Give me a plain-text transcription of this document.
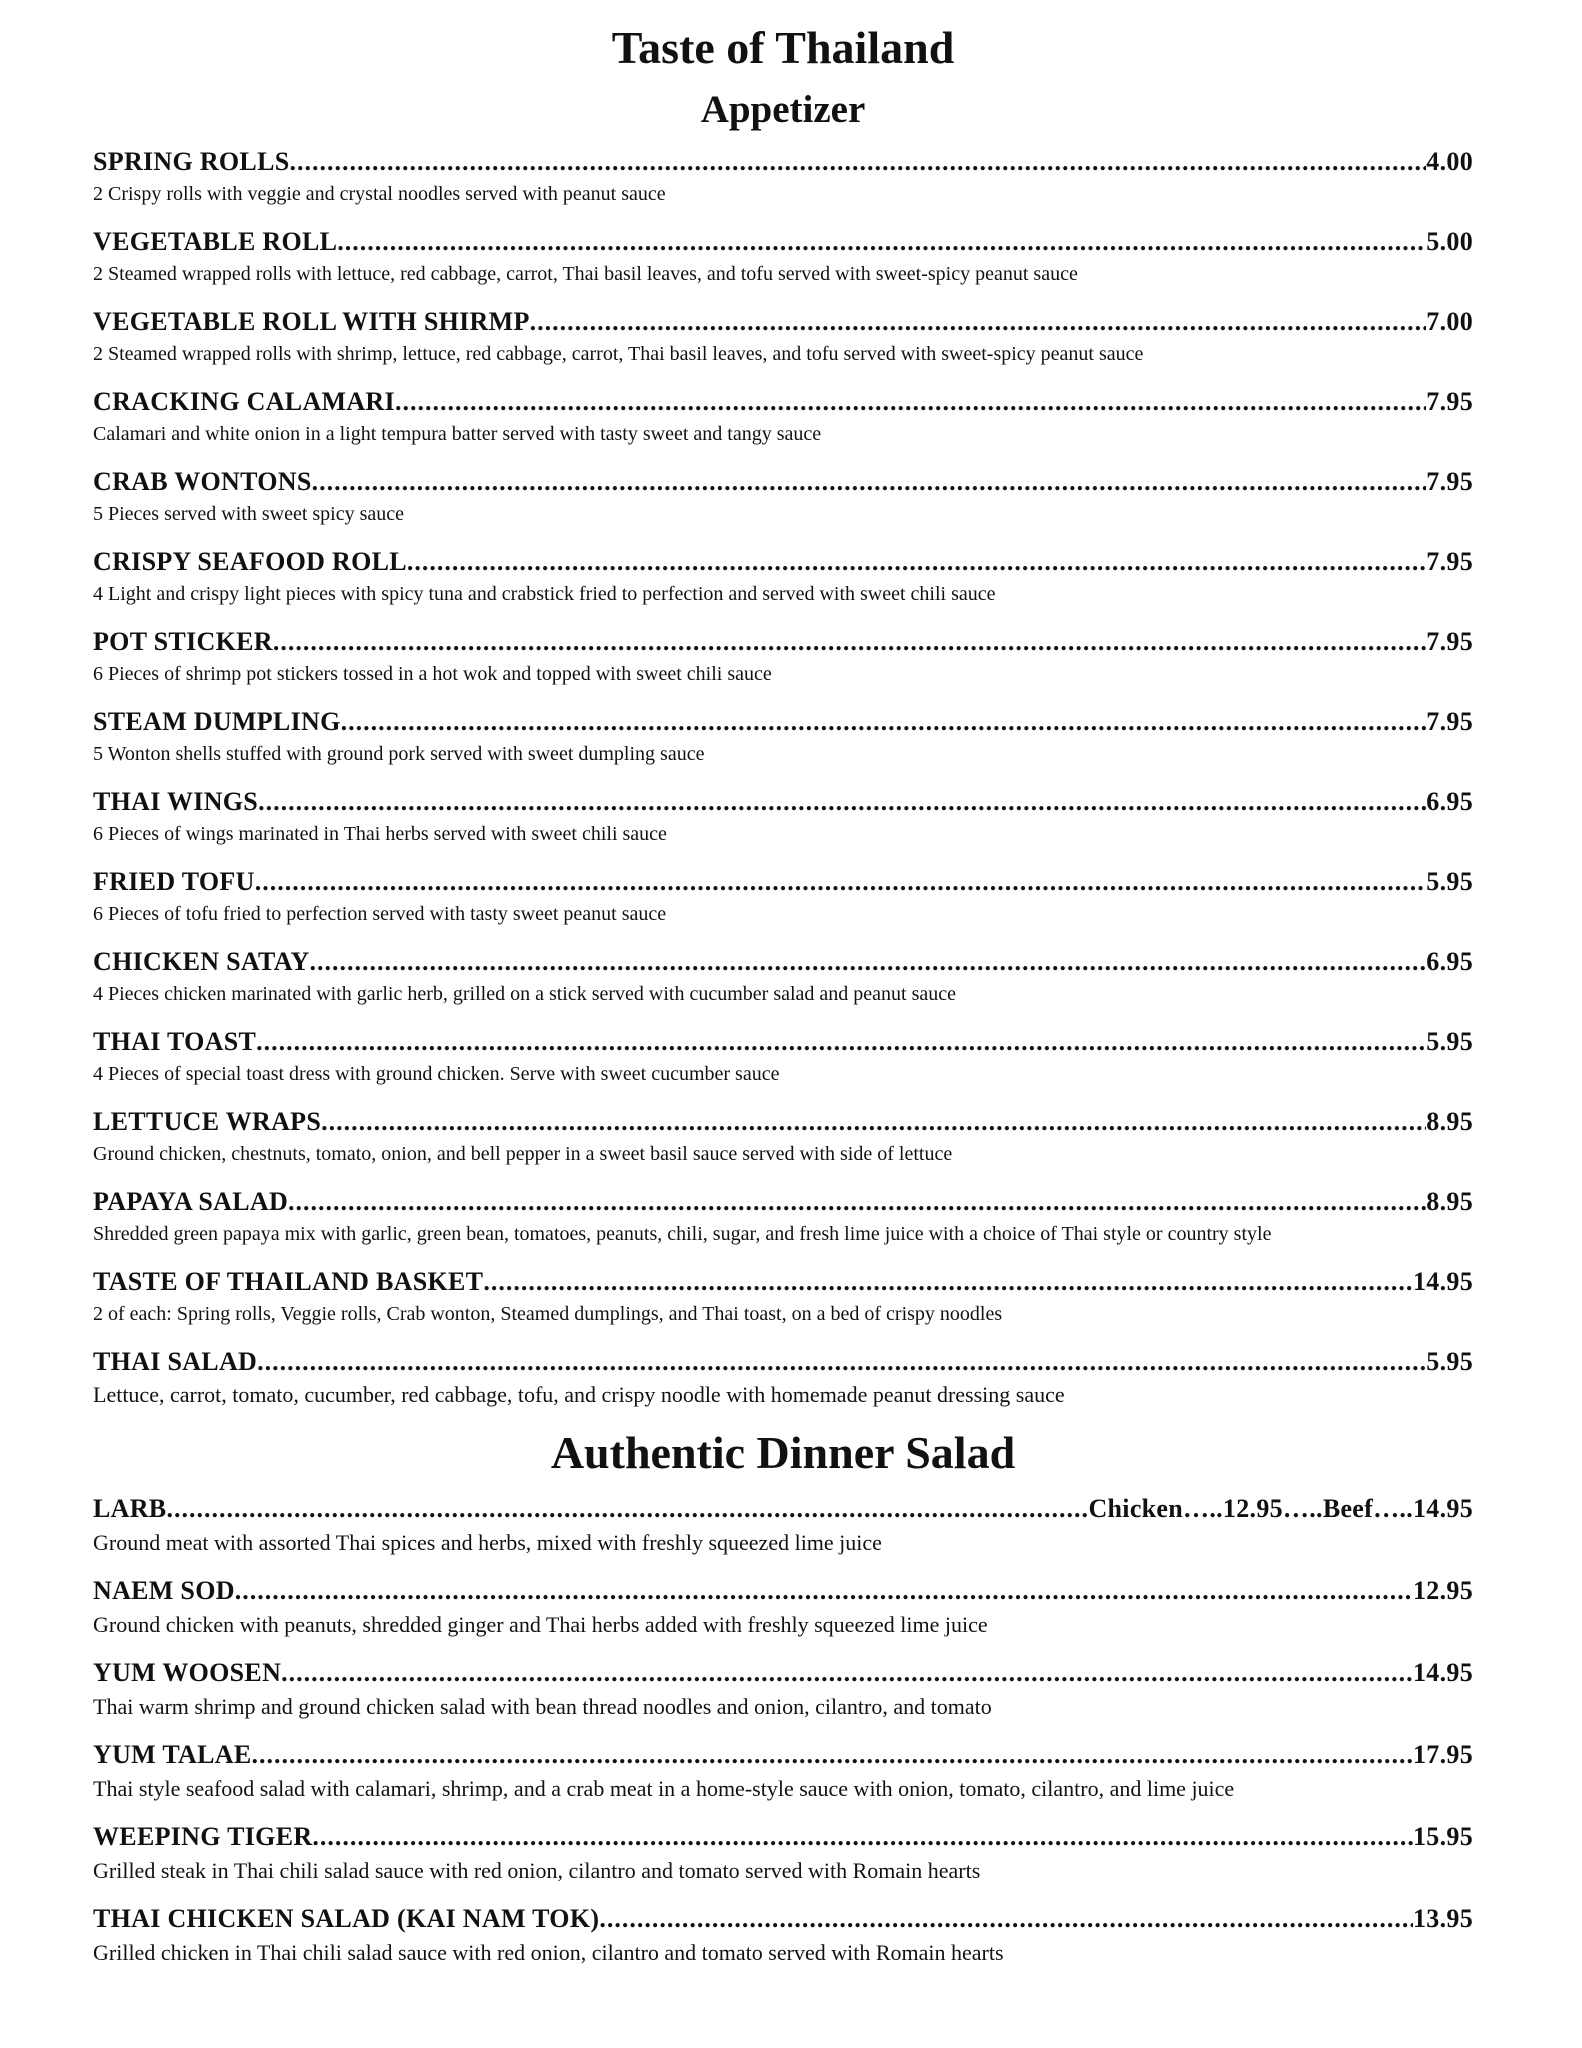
Taste of Thailand
Appetizer
SPRING ROLLS .....	4.00
2 Crispy rolls with veggie and crystal noodles served with peanut sauce
VEGETABLE ROLL .....	5.00
2 Steamed wrapped rolls with lettuce, red cabbage, carrot, Thai basil leaves, and tofu served with sweet-spicy peanut sauce
VEGETABLE ROLL WITH SHIRMP .....	7.00
2 Steamed wrapped rolls with shrimp, lettuce, red cabbage, carrot, Thai basil leaves, and tofu served with sweet-spicy peanut sauce
CRACKING CALAMARI .....	7.95
Calamari and white onion in a light tempura batter served with tasty sweet and tangy sauce
CRAB WONTONS .....	7.95
5 Pieces served with sweet spicy sauce
CRISPY SEAFOOD ROLL .....	7.95
4 Light and crispy light pieces with spicy tuna and crabstick fried to perfection and served with sweet chili sauce
POT STICKER .....	7.95
6 Pieces of shrimp pot stickers tossed in a hot wok and topped with sweet chili sauce
STEAM DUMPLING .....	7.95
5 Wonton shells stuffed with ground pork served with sweet dumpling sauce
THAI WINGS .....	6.95
6 Pieces of wings marinated in Thai herbs served with sweet chili sauce
FRIED TOFU .....	5.95
6 Pieces of tofu fried to perfection served with tasty sweet peanut sauce
CHICKEN SATAY .....	6.95
4 Pieces chicken marinated with garlic herb, grilled on a stick served with cucumber salad and peanut sauce
THAI TOAST .....	5.95
4 Pieces of special toast dress with ground chicken. Serve with sweet cucumber sauce
LETTUCE WRAPS .....	8.95
Ground chicken, chestnuts, tomato, onion, and bell pepper in a sweet basil sauce served with side of lettuce
PAPAYA SALAD .....	8.95
Shredded green papaya mix with garlic, green bean, tomatoes, peanuts, chili, sugar, and fresh lime juice with a choice of Thai style or country style
TASTE OF THAILAND BASKET .....	14.95
2 of each: Spring rolls, Veggie rolls, Crab wonton, Steamed dumplings, and Thai toast, on a bed of crispy noodles
THAI SALAD .....	5.95
Lettuce, carrot, tomato, cucumber, red cabbage, tofu, and crispy noodle with homemade peanut dressing sauce
Authentic Dinner Salad
LARB .....	Chicken…..12.95…..Beef…..14.95
Ground meat with assorted Thai spices and herbs, mixed with freshly squeezed lime juice
NAEM SOD .....	12.95
Ground chicken with peanuts, shredded ginger and Thai herbs added with freshly squeezed lime juice
YUM WOOSEN .....	14.95
Thai warm shrimp and ground chicken salad with bean thread noodles and onion, cilantro, and tomato
YUM TALAE .....	17.95
Thai style seafood salad with calamari, shrimp, and a crab meat in a home-style sauce with onion, tomato, cilantro, and lime juice
WEEPING TIGER .....	15.95
Grilled steak in Thai chili salad sauce with red onion, cilantro and tomato served with Romain hearts
THAI CHICKEN SALAD (KAI NAM TOK) .....	13.95
Grilled chicken in Thai chili salad sauce with red onion, cilantro and tomato served with Romain hearts
